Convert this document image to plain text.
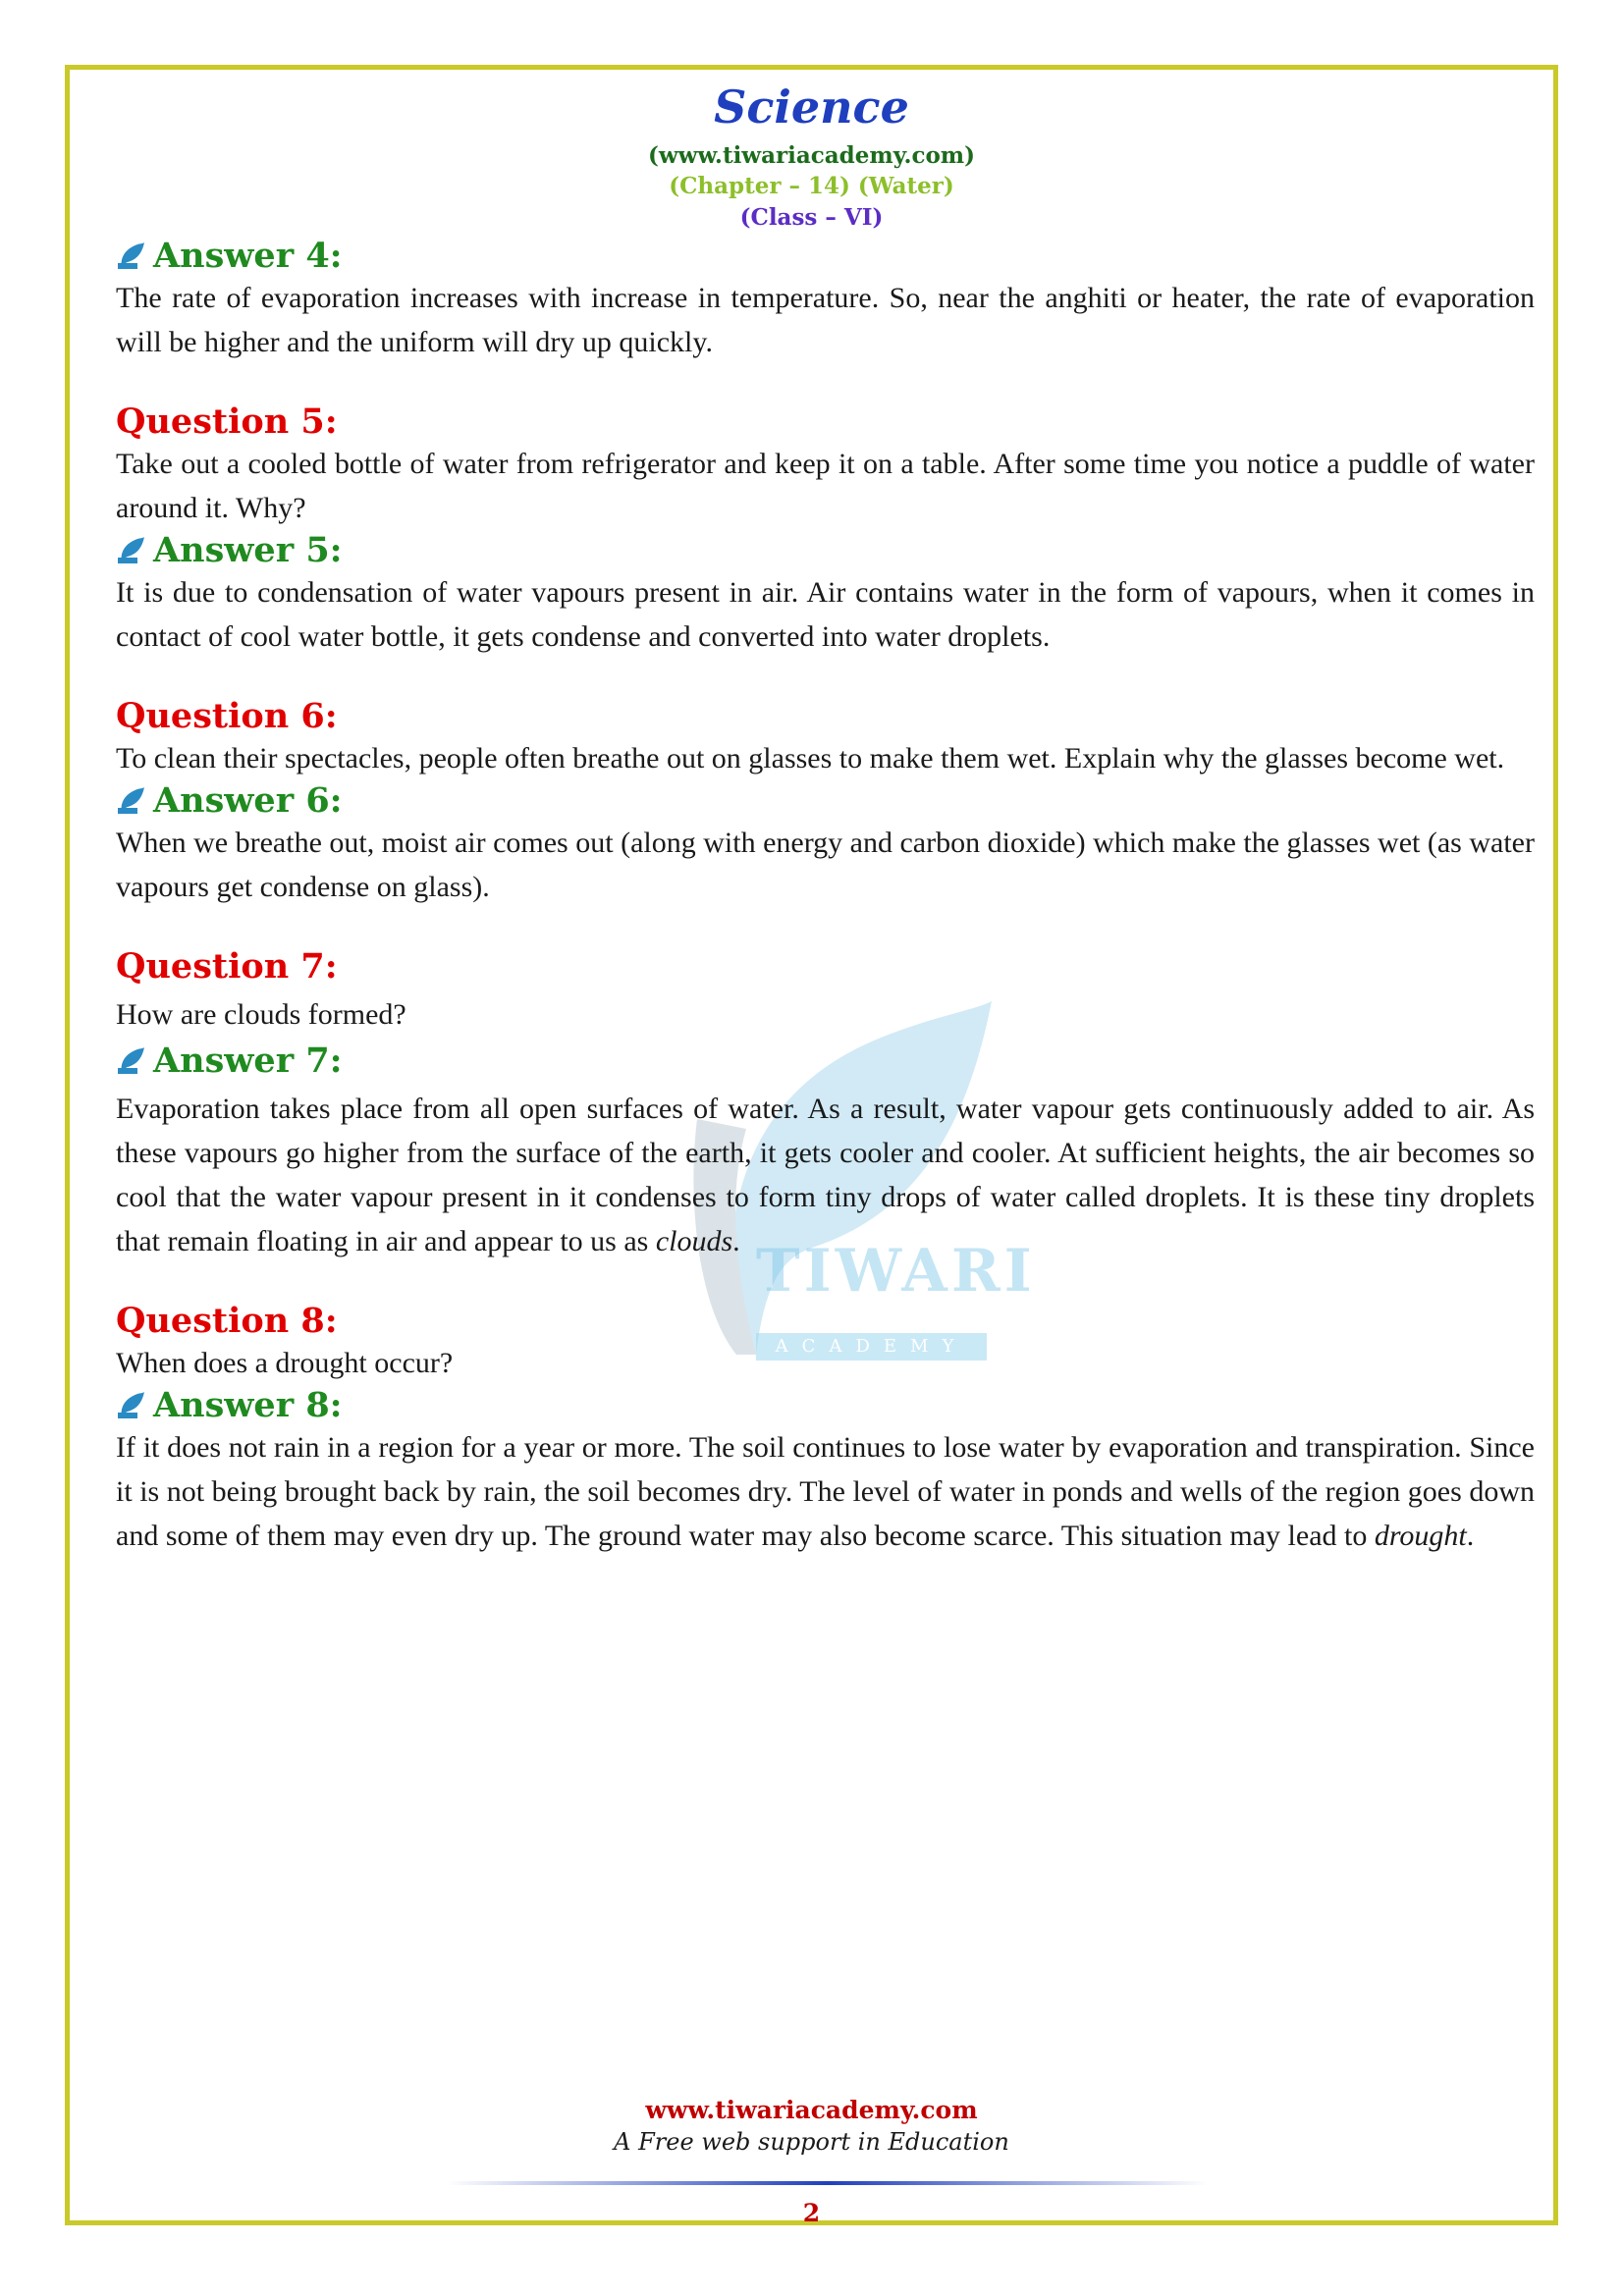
Science
(www.tiwariacademy.com)
(Chapter – 14) (Water)
(Class – VI)
TIWARI
ACADEMY
Answer 4:

The rate of evaporation increases with increase in temperature. So, near the anghiti or heater, the rate of evaporation will be higher and the uniform will dry up quickly.

Question 5:

Take out a cooled bottle of water from refrigerator and keep it on a table. After some time you notice a puddle of water around it. Why?

Answer 5:

It is due to condensation of water vapours present in air. Air contains water in the form of vapours, when it comes in contact of cool water bottle, it gets condense and converted into water droplets.

Question 6:

To clean their spectacles, people often breathe out on glasses to make them wet. Explain why the glasses become wet.

Answer 6:

When we breathe out, moist air comes out (along with energy and carbon dioxide) which make the glasses wet (as water vapours get condense on glass).

Question 7:

How are clouds formed?

Answer 7:

Evaporation takes place from all open surfaces of water. As a result, water vapour gets continuously added to air. As these vapours go higher from the surface of the earth, it gets cooler and cooler. At sufficient heights, the air becomes so cool that the water vapour present in it condenses to form tiny drops of water called droplets. It is these tiny droplets that remain floating in air and appear to us as clouds.

Question 8:

When does a drought occur?

Answer 8:

If it does not rain in a region for a year or more. The soil continues to lose water by evaporation and transpiration. Since it is not being brought back by rain, the soil becomes dry. The level of water in ponds and wells of the region goes down and some of them may even dry up. The ground water may also become scarce. This situation may lead to drought.

www.tiwariacademy.com
A Free web support in Education
2
